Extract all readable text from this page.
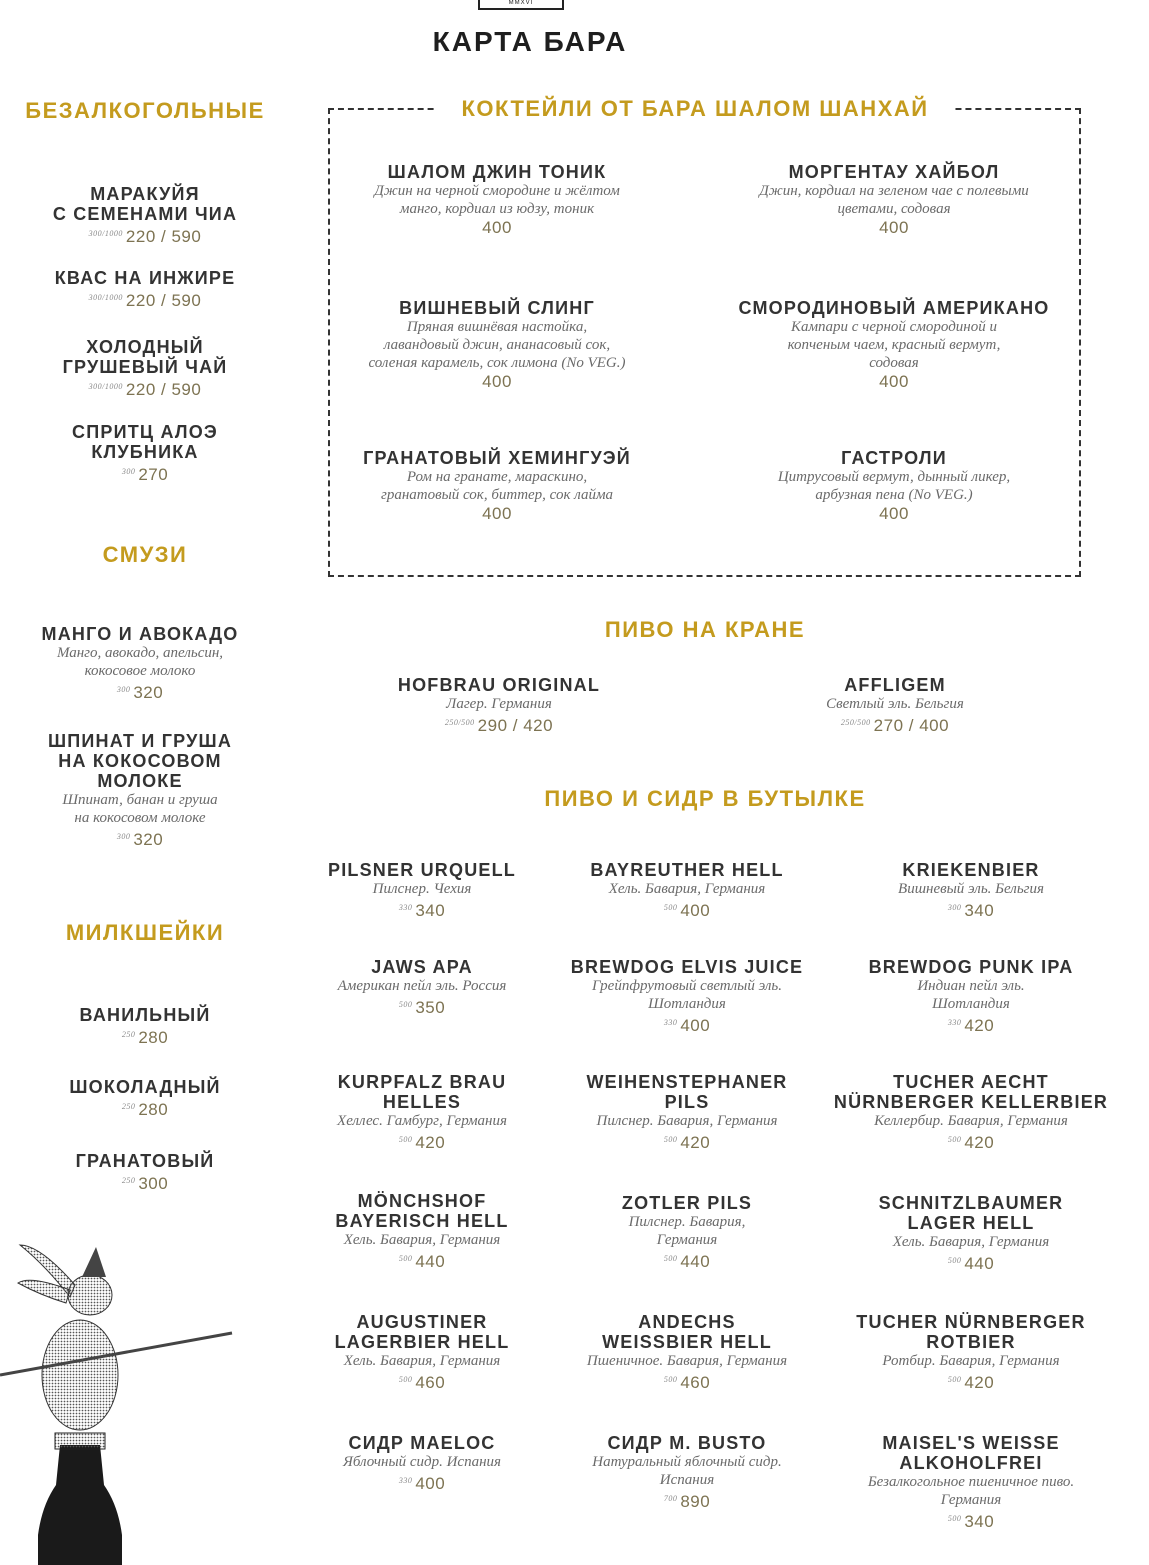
MMXVI
КАРТА БАРА
БЕЗАЛКОГОЛЬНЫЕ
СМУЗИ
МИЛКШЕЙКИ
КОКТЕЙЛИ ОТ БАРА ШАЛОМ ШАНХАЙ
ПИВО НА КРАНЕ
ПИВО И СИДР В БУТЫЛКЕ
МАРАКУЙЯ
С СЕМЕНАМИ ЧИА
$^{300/1000}$ 220 / 590
КВАС НА ИНЖИРЕ
$^{300/1000}$ 220 / 590
ХОЛОДНЫЙ
ГРУШЕВЫЙ ЧАЙ
$^{300/1000}$ 220 / 590
СПРИТЦ АЛОЭ
КЛУБНИКА
$^{300}$ 270
МАНГО И АВОКАДО
Манго, авокадо, апельсин,
кокосовое молоко
$^{300}$ 320
ШПИНАТ И ГРУША
НА КОКОСОВОМ
МОЛОКЕ
Шпинат, банан и груша
на кокосовом молоке
$^{300}$ 320
ВАНИЛЬНЫЙ
$^{250}$ 280
ШОКОЛАДНЫЙ
$^{250}$ 280
ГРАНАТОВЫЙ
$^{250}$ 300
ШАЛОМ ДЖИН ТОНИК
Джин на черной смородине и жёлтом
манго, кордиал из юдзу, тоник
400
МОРГЕНТАУ ХАЙБОЛ
Джин, кордиал на зеленом чае с полевыми
цветами, содовая
400
ВИШНЕВЫЙ СЛИНГ
Пряная вишнёвая настойка,
лавандовый джин, ананасовый сок,
соленая карамель, сок лимона (No VEG.)
400
СМОРОДИНОВЫЙ АМЕРИКАНО
Кампари с черной смородиной и
копченым чаем, красный вермут,
содовая
400
ГРАНАТОВЫЙ ХЕМИНГУЭЙ
Ром на гранате, мараскино,
гранатовый сок, биттер, сок лайма
400
ГАСТРОЛИ
Цитрусовый вермут, дынный ликер,
арбузная пена (No VEG.)
400
HOFBRAU ORIGINAL
Лагер. Германия
$^{250/500}$ 290 / 420
AFFLIGEM
Светлый эль. Бельгия
$^{250/500}$ 270 / 400
PILSNER URQUELL
Пилснер. Чехия
$^{330}$ 340
BAYREUTHER HELL
Хель. Бавария, Германия
$^{500}$ 400
KRIEKENBIER
Вишневый эль. Бельгия
$^{300}$ 340
JAWS APA
Американ пейл эль. Россия
$^{500}$ 350
BREWDOG ELVIS JUICE
Грейпфрутовый светлый эль.
Шотландия
$^{330}$ 400
BREWDOG PUNK IPA
Индиан пейл эль.
Шотландия
$^{330}$ 420
KURPFALZ BRAU
HELLES
Хеллес. Гамбург, Германия
$^{500}$ 420
WEIHENSTEPHANER
PILS
Пилснер. Бавария, Германия
$^{500}$ 420
TUCHER AECHT
NÜRNBERGER KELLERBIER
Келлербир. Бавария, Германия
$^{500}$ 420
MÖNCHSHOF
BAYERISCH HELL
Хель. Бавария, Германия
$^{500}$ 440
ZOTLER PILS
Пилснер. Бавария,
Германия
$^{500}$ 440
SCHNITZLBAUMER
LAGER HELL
Хель. Бавария, Германия
$^{500}$ 440
AUGUSTINER
LAGERBIER HELL
Хель. Бавария, Германия
$^{500}$ 460
ANDECHS
WEISSBIER HELL
Пшеничное. Бавария, Германия
$^{500}$ 460
TUCHER NÜRNBERGER
ROTBIER
Ротбир. Бавария, Германия
$^{500}$ 420
СИДР MAELOC
Яблочный сидр. Испания
$^{330}$ 400
СИДР M. BUSTO
Натуральный яблочный сидр.
Испания
$^{700}$ 890
MAISEL'S WEISSE
ALKOHOLFREI
Безалкогольное пшеничное пиво.
Германия
$^{500}$ 340
